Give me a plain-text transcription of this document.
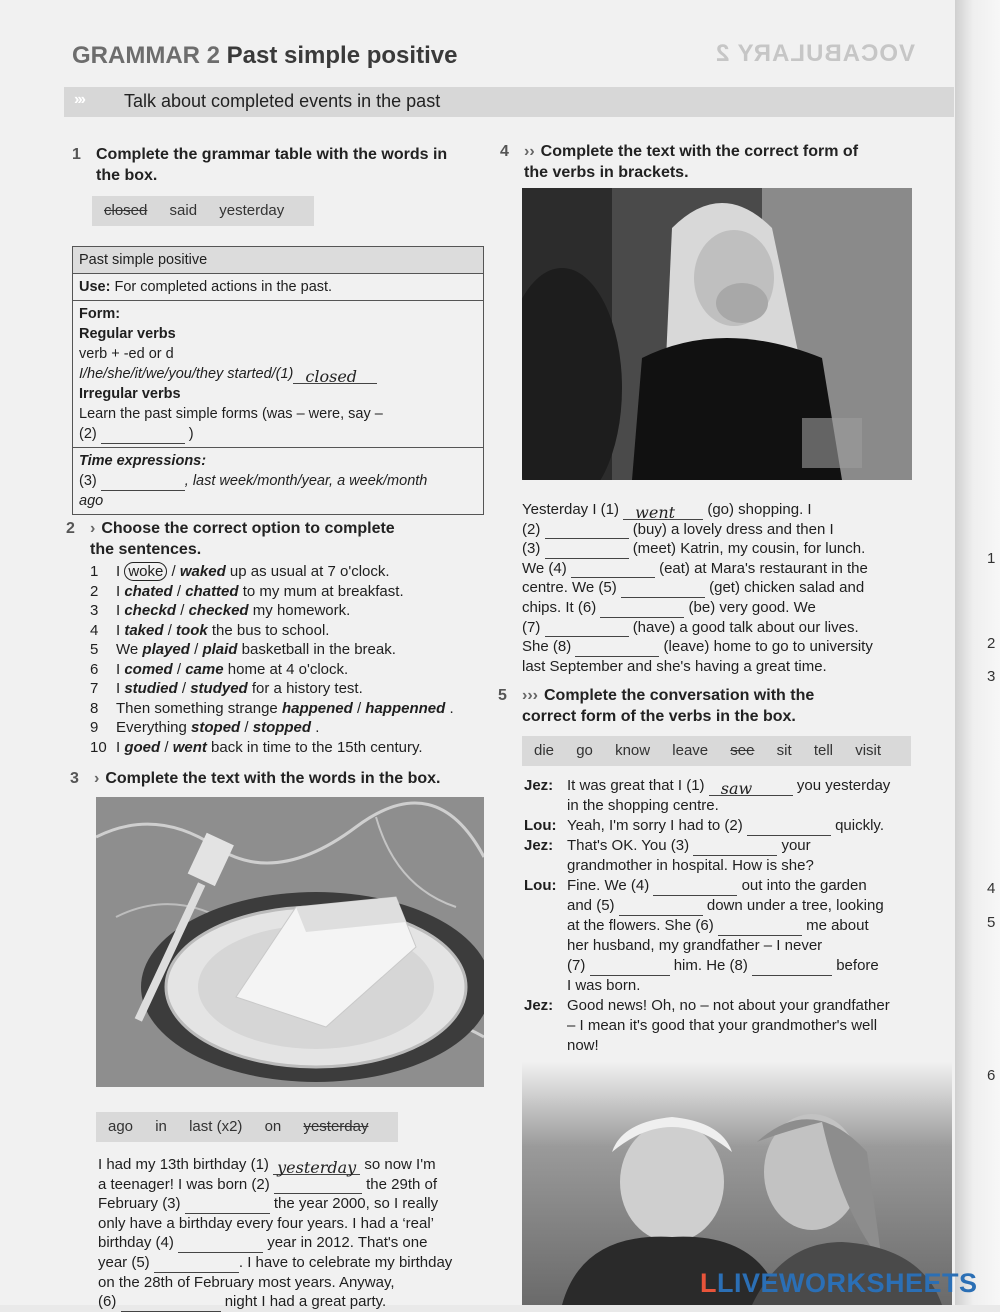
1
2
3
4
5
6
VOCABULARY 2
GRAMMAR 2 Past simple positive
››› Talk about completed events in the past
1 Complete the grammar table with the words in
the box.
closed said yesterday
Past simple positive
Use: For completed actions in the past.
Form:
Regular verbs
verb + -ed or d
I/he/she/it/we/you/they started/(1) closed
Irregular verbs
Learn the past simple forms (was – were, say –
(2)	)
Time expressions:
(3)	, last week/month/year, a week/month
ago
2 › Choose the correct option to complete
the sentences.
1 I woke / waked up as usual at 7 o'clock.
2 I chated / chatted to my mum at breakfast.
3 I checkd / checked my homework.
4 I taked / took the bus to school.
5 We played / plaid basketball in the break.
6 I comed / came home at 4 o'clock.
7 I studied / studyed for a history test.
8 Then something strange happened / happenned .
9 Everything stoped / stopped .
10 I goed / went back in time to the 15th century.
3 › Complete the text with the words in the box.
ago in last (x2) on yesterday
I had my 13th birthday (1) yesterday so now I'm
a teenager! I was born (2)	the 29th of
February (3)	the year 2000, so I really
only have a birthday every four years. I had a ‘real’
birthday (4)	year in 2012. That's one
year (5)	. I have to celebrate my birthday
on the 28th of February most years. Anyway,
(6)	night I had a great party.
4 ›› Complete the text with the correct form of
the verbs in brackets.
Yesterday I (1) went (go) shopping. I
(2)	(buy) a lovely dress and then I
(3)	(meet) Katrin, my cousin, for lunch.
We (4)	(eat) at Mara's restaurant in the
centre. We (5)	(get) chicken salad and
chips. It (6)	(be) very good. We
(7)	(have) a good talk about our lives.
She (8)	(leave) home to go to university
last September and she's having a great time.
5 ››› Complete the conversation with the
correct form of the verbs in the box.
die go know leave see sit tell visit
Jez: It was great that I (1) saw	you yesterday
in the shopping centre.
Lou: Yeah, I'm sorry I had to (2)	quickly.
Jez: That's OK. You (3)	your
grandmother in hospital. How is she?
Lou: Fine. We (4)	out into the garden
and (5)	down under a tree, looking
at the flowers. She (6)	me about
her husband, my grandfather – I never
(7)	him. He (8)	before
I was born.
Jez: Good news! Oh, no – not about your grandfather
– I mean it's good that your grandmother's well
now!
LLIVEWORKSHEETS
